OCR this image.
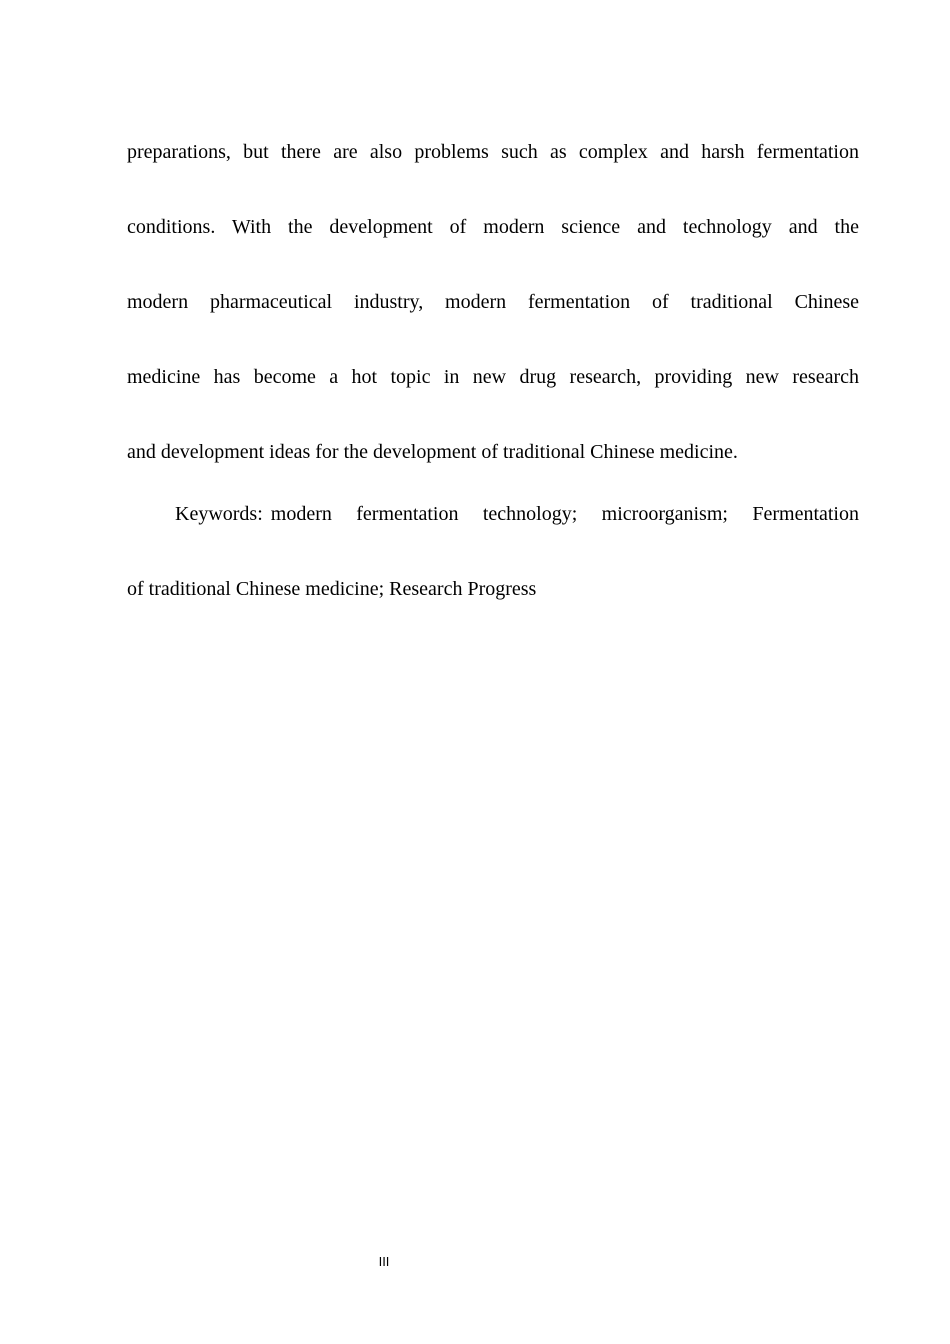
preparations, but there are also problems such as complex and harsh fermentation
conditions. With the development of modern science and technology and the
modern pharmaceutical industry, modern fermentation of traditional Chinese
medicine has become a hot topic in new drug research, providing new research
and development ideas for the development of traditional Chinese medicine.

Keywords: modern fermentation technology; microorganism; Fermentation
of traditional Chinese medicine; Research Progress

III
